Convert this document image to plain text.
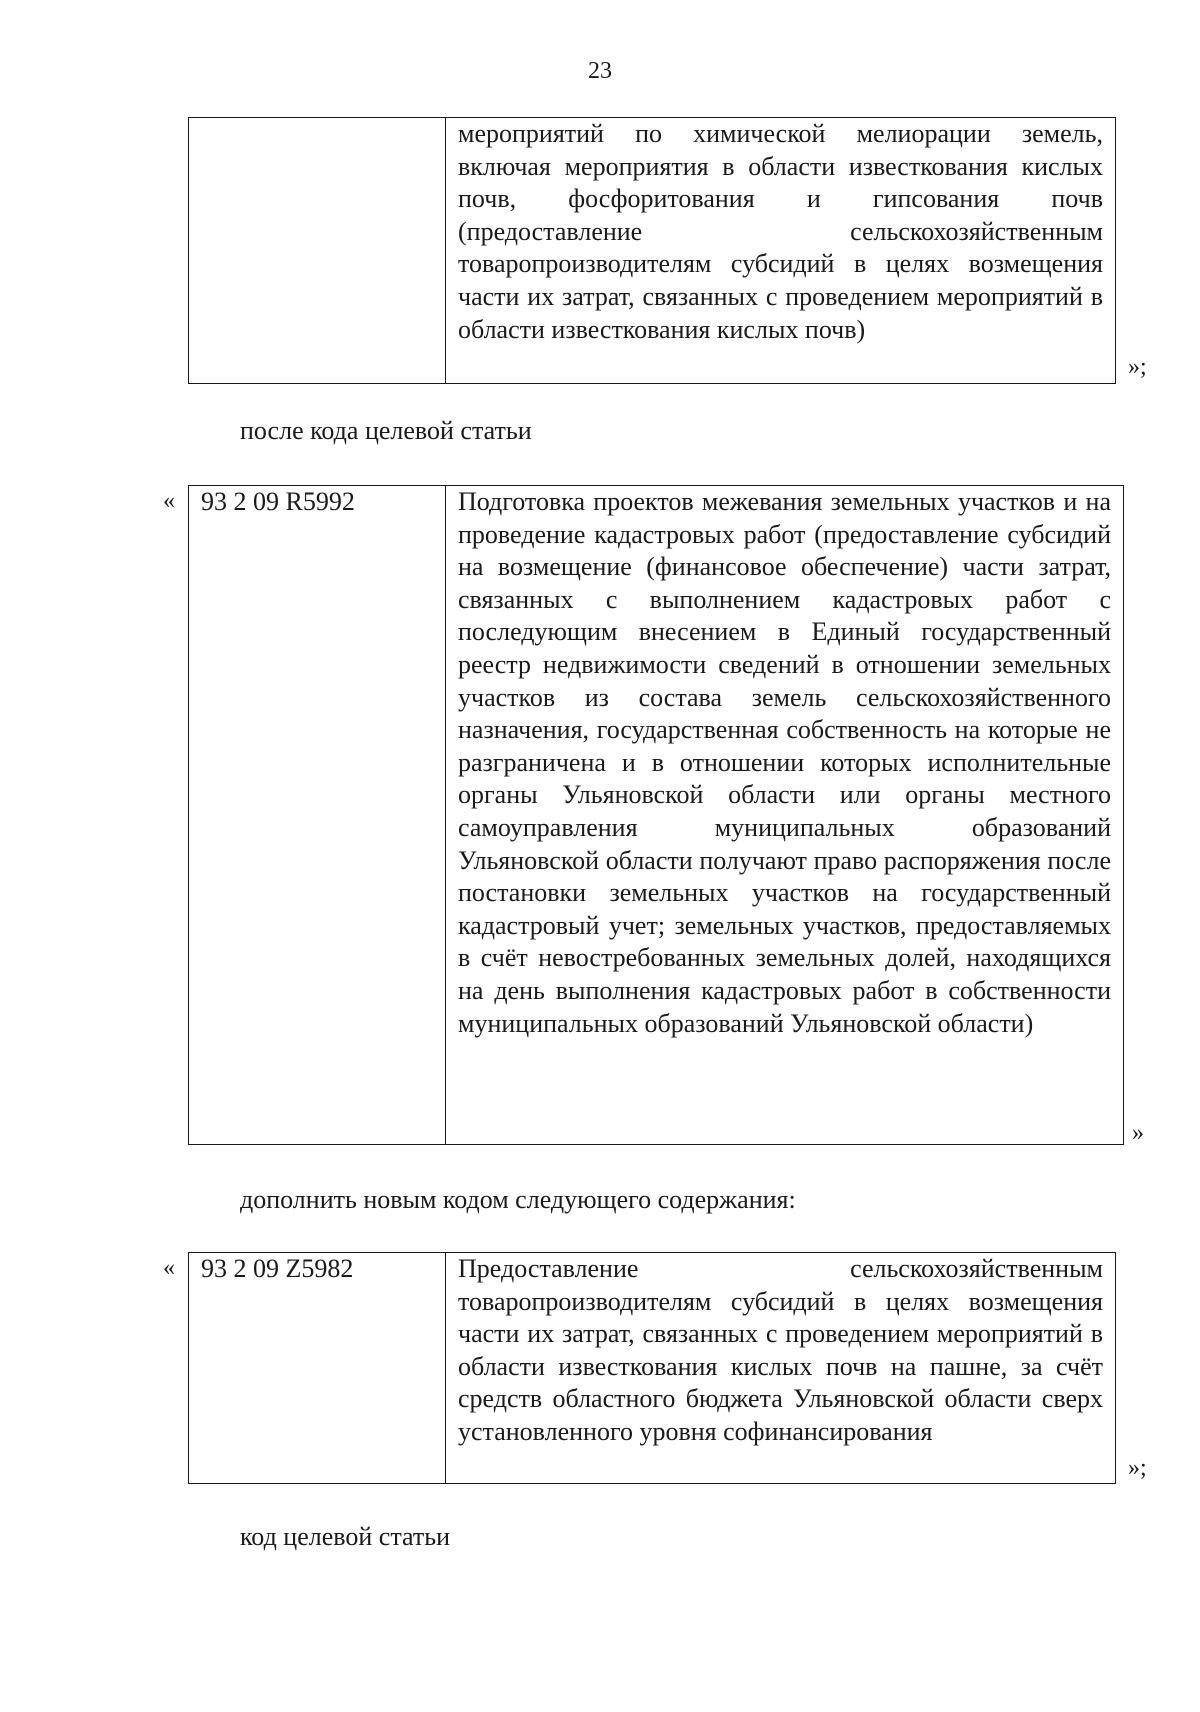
23
	мероприятий по химической мелиорации земель, включая мероприятия в области известкования кислых почв, фосфоритования и гипсования почв (предоставление сельскохозяйственным товаропроизводителям субсидий в целях возмещения части их затрат, связанных с проведением мероприятий в области известкования кислых почв)
»;
после кода целевой статьи
« 93 2 09 R5992	Подготовка проектов межевания земельных участков и на проведение кадастровых работ (предоставление субсидий на возмещение (финансовое обеспечение) части затрат, связанных с выполнением кадастровых работ с последующим внесением в Единый государственный реестр недвижимости сведений в отношении земельных участков из состава земель сельскохозяйственного назначения, государственная собственность на которые не разграничена и в отношении которых исполнительные органы Ульяновской области или органы местного самоуправления муниципальных образований Ульяновской области получают право распоряжения после постановки земельных участков на государственный кадастровый учет; земельных участков, предоставляемых в счёт невостребованных земельных долей, находящихся на день выполнения кадастровых работ в собственности муниципальных образований Ульяновской области)
»
дополнить новым кодом следующего содержания:
« 93 2 09 Z5982	Предоставление сельскохозяйственным товаропроизводителям субсидий в целях возмещения части их затрат, связанных с проведением мероприятий в области известкования кислых почв на пашне, за счёт средств областного бюджета Ульяновской области сверх установленного уровня софинансирования
»;
код целевой статьи
